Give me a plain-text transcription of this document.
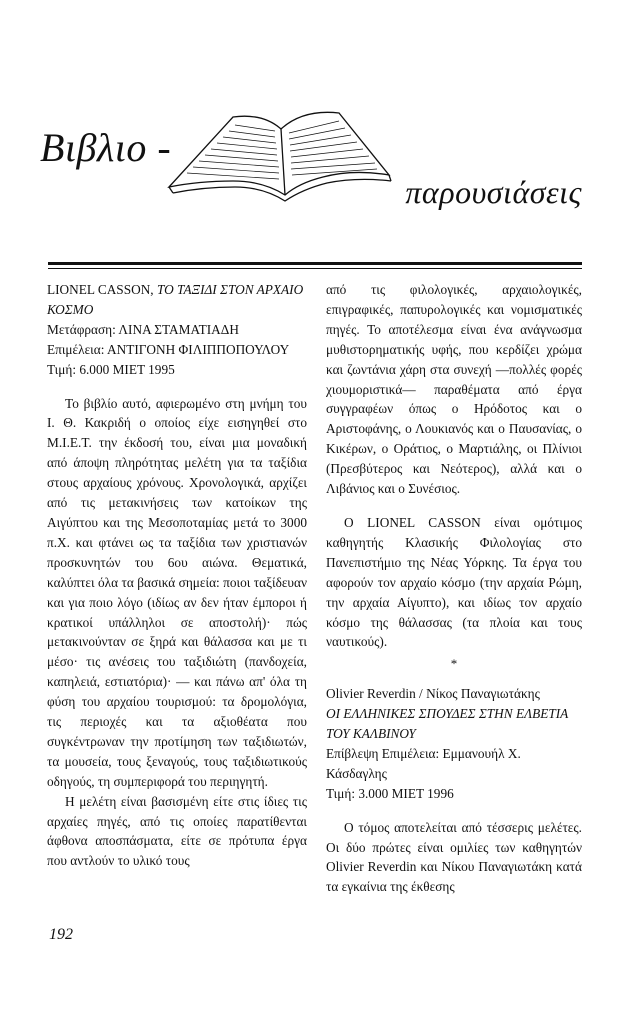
Βιβλιο -
παρουσιάσεις

LIONEL CASSON, ΤΟ ΤΑΞΙΔΙ ΣΤΟΝ ΑΡΧΑΙΟ ΚΟΣΜΟ

Μετάφραση: ΛΙΝΑ ΣΤΑΜΑΤΙΑΔΗ

Επιμέλεια: ΑΝΤΙΓΟΝΗ ΦΙΛΙΠΠΟΠΟΥΛΟΥ

Τιμή: 6.000 ΜΙΕΤ 1995

Το βιβλίο αυτό, αφιερωμένο στη μνήμη του Ι. Θ. Κακριδή ο οποίος είχε εισηγηθεί στο Μ.Ι.Ε.Τ. την έκδοσή του, είναι μια μοναδική από άποψη πληρότητας μελέτη για τα ταξίδια στους αρχαίους χρόνους. Χρονολογικά, αρχίζει από τις μετακινήσεις των κατοίκων της Αιγύπτου και της Μεσοποταμίας μετά το 3000 π.Χ. και φτάνει ως τα ταξίδια των χριστιανών προσκυνητών του 6ου αιώνα. Θεματικά, καλύπτει όλα τα βασικά σημεία: ποιοι ταξίδευαν και για ποιο λόγο (ιδίως αν δεν ήταν έμποροι ή κρατικοί υπάλληλοι σε αποστολή)· πώς μετακινούνταν σε ξηρά και θάλασσα και με τι μέσο· τις ανέσεις του ταξιδιώτη (πανδοχεία, καπηλειά, εστιατόρια)· — και πάνω απ' όλα τη φύση του αρχαίου τουρισμού: τα δρομολόγια, τις περιοχές και τα αξιοθέατα που συγκέντρωναν την προτίμηση των ταξιδιωτών, τα μουσεία, τους ξεναγούς, τους ταξιδιωτικούς οδηγούς, τη συμπεριφορά του περιηγητή.

Η μελέτη είναι βασισμένη είτε στις ίδιες τις αρχαίες πηγές, από τις οποίες παρατίθενται άφθονα αποσπάσματα, είτε σε πρότυπα έργα που αντλούν το υλικό τους

από τις φιλολογικές, αρχαιολογικές, επιγραφικές, παπυρολογικές και νομισματικές πηγές. Το αποτέλεσμα είναι ένα ανάγνωσμα μυθιστορηματικής υφής, που κερδίζει χρώμα και ζωντάνια χάρη στα συνεχή —πολλές φορές χιουμοριστικά— παραθέματα από έργα συγγραφέων όπως ο Ηρόδοτος και ο Αριστοφάνης, ο Λουκιανός και ο Παυσανίας, ο Κικέρων, ο Οράτιος, ο Μαρτιάλης, οι Πλίνιοι (Πρεσβύτερος και Νεότερος), αλλά και ο Λιβάνιος και ο Συνέσιος.

Ο LIONEL CASSON είναι ομότιμος καθηγητής Κλασικής Φιλολογίας στο Πανεπιστήμιο της Νέας Υόρκης. Τα έργα του αφορούν τον αρχαίο κόσμο (την αρχαία Ρώμη, την αρχαία Αίγυπτο), και ιδίως τον αρχαίο κόσμο της θάλασσας (τα πλοία και τους ναυτικούς).

*

Olivier Reverdin / Νίκος Παναγιωτάκης

ΟΙ ΕΛΛΗΝΙΚΕΣ ΣΠΟΥΔΕΣ ΣΤΗΝ ΕΛΒΕΤΙΑ ΤΟΥ ΚΑΛΒΙΝΟΥ

Επίβλεψη Επιμέλεια: Εμμανουήλ Χ. Κάσδαγλης

Τιμή: 3.000 ΜΙΕΤ 1996

Ο τόμος αποτελείται από τέσσερις μελέτες. Οι δύο πρώτες είναι ομιλίες των καθηγητών Olivier Reverdin και Νίκου Παναγιωτάκη κατά τα εγκαίνια της έκθεσης

192
